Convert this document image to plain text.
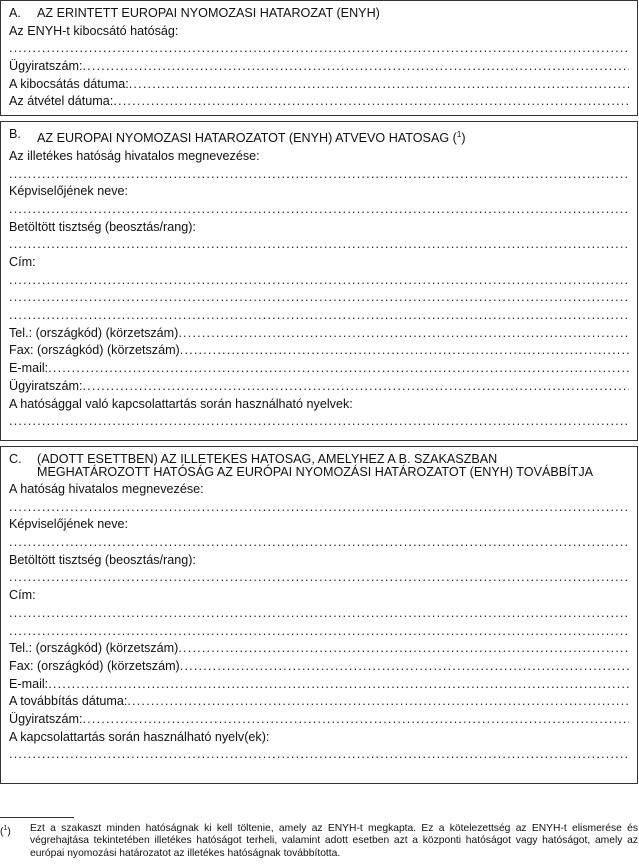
A.	AZ ERINTETT EUROPAI NYOMOZASI HATAROZAT (ENYH)
Az ENYH-t kibocsátó hatóság:
.....
Ügyiratszám:
.....
A kibocsátás dátuma:
.....
Az átvétel dátuma:
.....
B.	AZ EUROPAI NYOMOZASI HATAROZATOT (ENYH) ATVEVO HATOSAG ($^1$)
Az illetékes hatóság hivatalos megnevezése:
.....
Képviselőjének neve:
.....
Betöltött tisztség (beosztás/rang):
.....
Cím:
.....
.....
.....
Tel.: (országkód) (körzetszám)
.....
Fax: (országkód) (körzetszám)
.....
E-mail:
.....
Ügyiratszám:
.....
A hatósággal való kapcsolattartás során használható nyelvek:
.....
C.	(ADOTT ESETTBEN) AZ ILLETEKES HATOSAG, AMELYHEZ A B. SZAKASZBAN
MEGHATÁROZOTT HATÓSÁG AZ EURÓPAI NYOMOZÁSI HATÁROZATOT (ENYH) TOVÁBBÍTJA
A hatóság hivatalos megnevezése:
.....
Képviselőjének neve:
.....
Betöltött tisztség (beosztás/rang):
.....
Cím:
.....
.....
Tel.: (országkód) (körzetszám)
.....
Fax: (országkód) (körzetszám)
.....
E-mail:
.....
A továbbítás dátuma:
.....
Ügyiratszám:
.....
A kapcsolattartás során használható nyelv(ek):
.....
($^1$)	Ezt a szakaszt minden hatóságnak ki kell töltenie, amely az ENYH-t megkapta. Ez a kötelezettség az ENYH-t elismerése és végrehajtása tekintetében illetékes hatóságot terheli, valamint adott esetben azt a központi hatóságot vagy hatóságot, amely az európai nyomozási határozatot az illetékes hatóságnak továbbította.
